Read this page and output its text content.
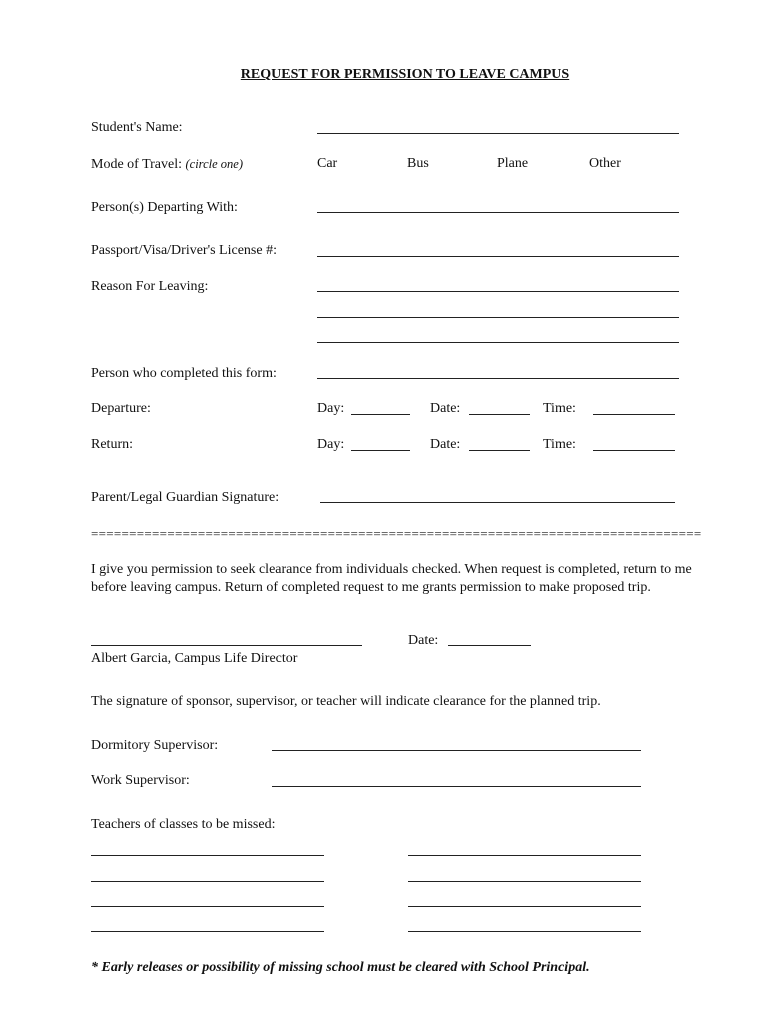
REQUEST FOR PERMISSION TO LEAVE CAMPUS
Student's Name:
Mode of Travel: (circle one)	Car	Bus	Plane	Other
Person(s) Departing With:
Passport/Visa/Driver's License #:
Reason For Leaving:
Person who completed this form:
Departure:	Day:	Date:	Time:
Return:	Day:	Date:	Time:
Parent/Legal Guardian Signature:
================================================================================
I give you permission to seek clearance from individuals checked. When request is completed, return to me before leaving campus. Return of completed request to me grants permission to make proposed trip.
Date:
Albert Garcia, Campus Life Director
The signature of sponsor, supervisor, or teacher will indicate clearance for the planned trip.
Dormitory Supervisor:
Work Supervisor:
Teachers of classes to be missed:
* Early releases or possibility of missing school must be cleared with School Principal.
